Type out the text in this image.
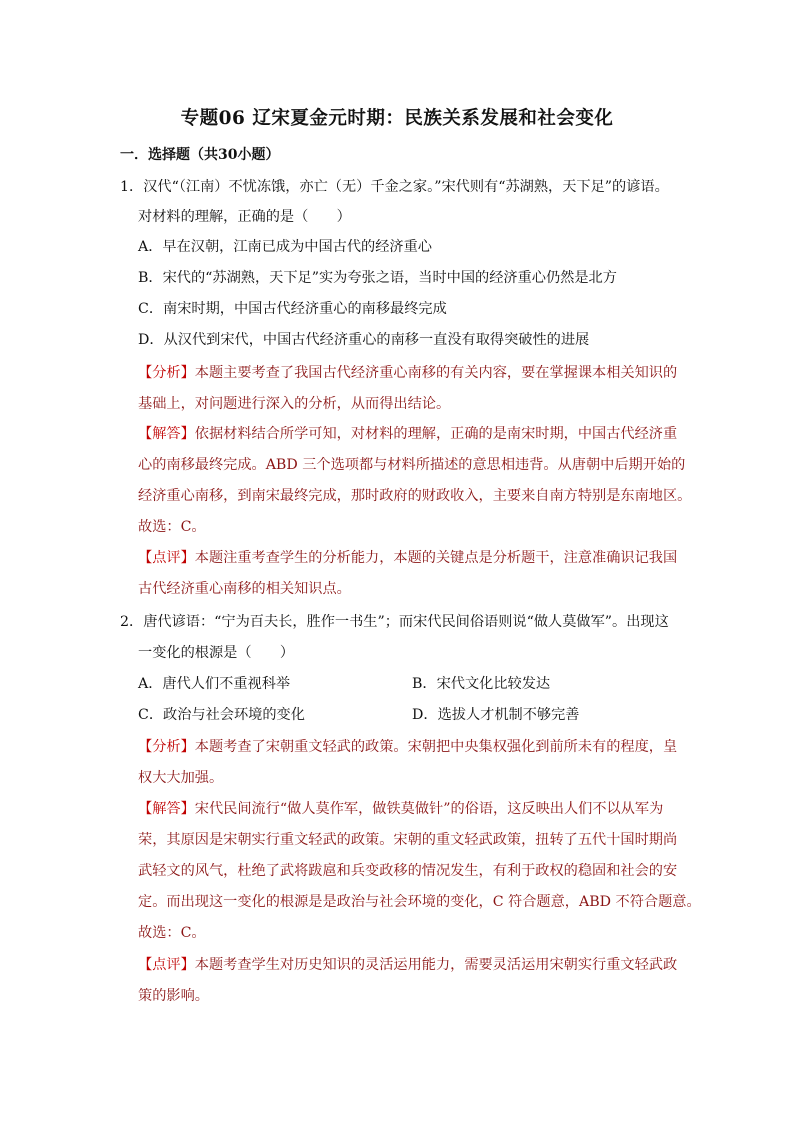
专题06 辽宋夏金元时期：民族关系发展和社会变化
一．选择题（共30小题）
1．汉代“（江南）不忧冻饿，亦亡（无）千金之家。”宋代则有“苏湖熟，天下足”的谚语。
对材料的理解，正确的是（　　）
A．早在汉朝，江南已成为中国古代的经济重心
B．宋代的“苏湖熟，天下足”实为夸张之语，当时中国的经济重心仍然是北方
C．南宋时期，中国古代经济重心的南移最终完成
D．从汉代到宋代，中国古代经济重心的南移一直没有取得突破性的进展
【分析】本题主要考查了我国古代经济重心南移的有关内容，要在掌握课本相关知识的
基础上，对问题进行深入的分析，从而得出结论。
【解答】依据材料结合所学可知，对材料的理解，正确的是南宋时期，中国古代经济重
心的南移最终完成。ABD 三个选项都与材料所描述的意思相违背。从唐朝中后期开始的
经济重心南移，到南宋最终完成，那时政府的财政收入，主要来自南方特别是东南地区。
故选：C。
【点评】本题注重考查学生的分析能力，本题的关键点是分析题干，注意准确识记我国
古代经济重心南移的相关知识点。
2．唐代谚语：“宁为百夫长，胜作一书生”；而宋代民间俗语则说“做人莫做军”。出现这
一变化的根源是（　　）
A．唐代人们不重视科举	B．宋代文化比较发达
C．政治与社会环境的变化	D．选拔人才机制不够完善
【分析】本题考查了宋朝重文轻武的政策。宋朝把中央集权强化到前所未有的程度，皇
权大大加强。
【解答】宋代民间流行“做人莫作军，做铁莫做针”的俗语，这反映出人们不以从军为
荣，其原因是宋朝实行重文轻武的政策。宋朝的重文轻武政策，扭转了五代十国时期尚
武轻文的风气，杜绝了武将跋扈和兵变政移的情况发生，有利于政权的稳固和社会的安
定。而出现这一变化的根源是是政治与社会环境的变化，C 符合题意，ABD 不符合题意。
故选：C。
【点评】本题考查学生对历史知识的灵活运用能力，需要灵活运用宋朝实行重文轻武政
策的影响。
